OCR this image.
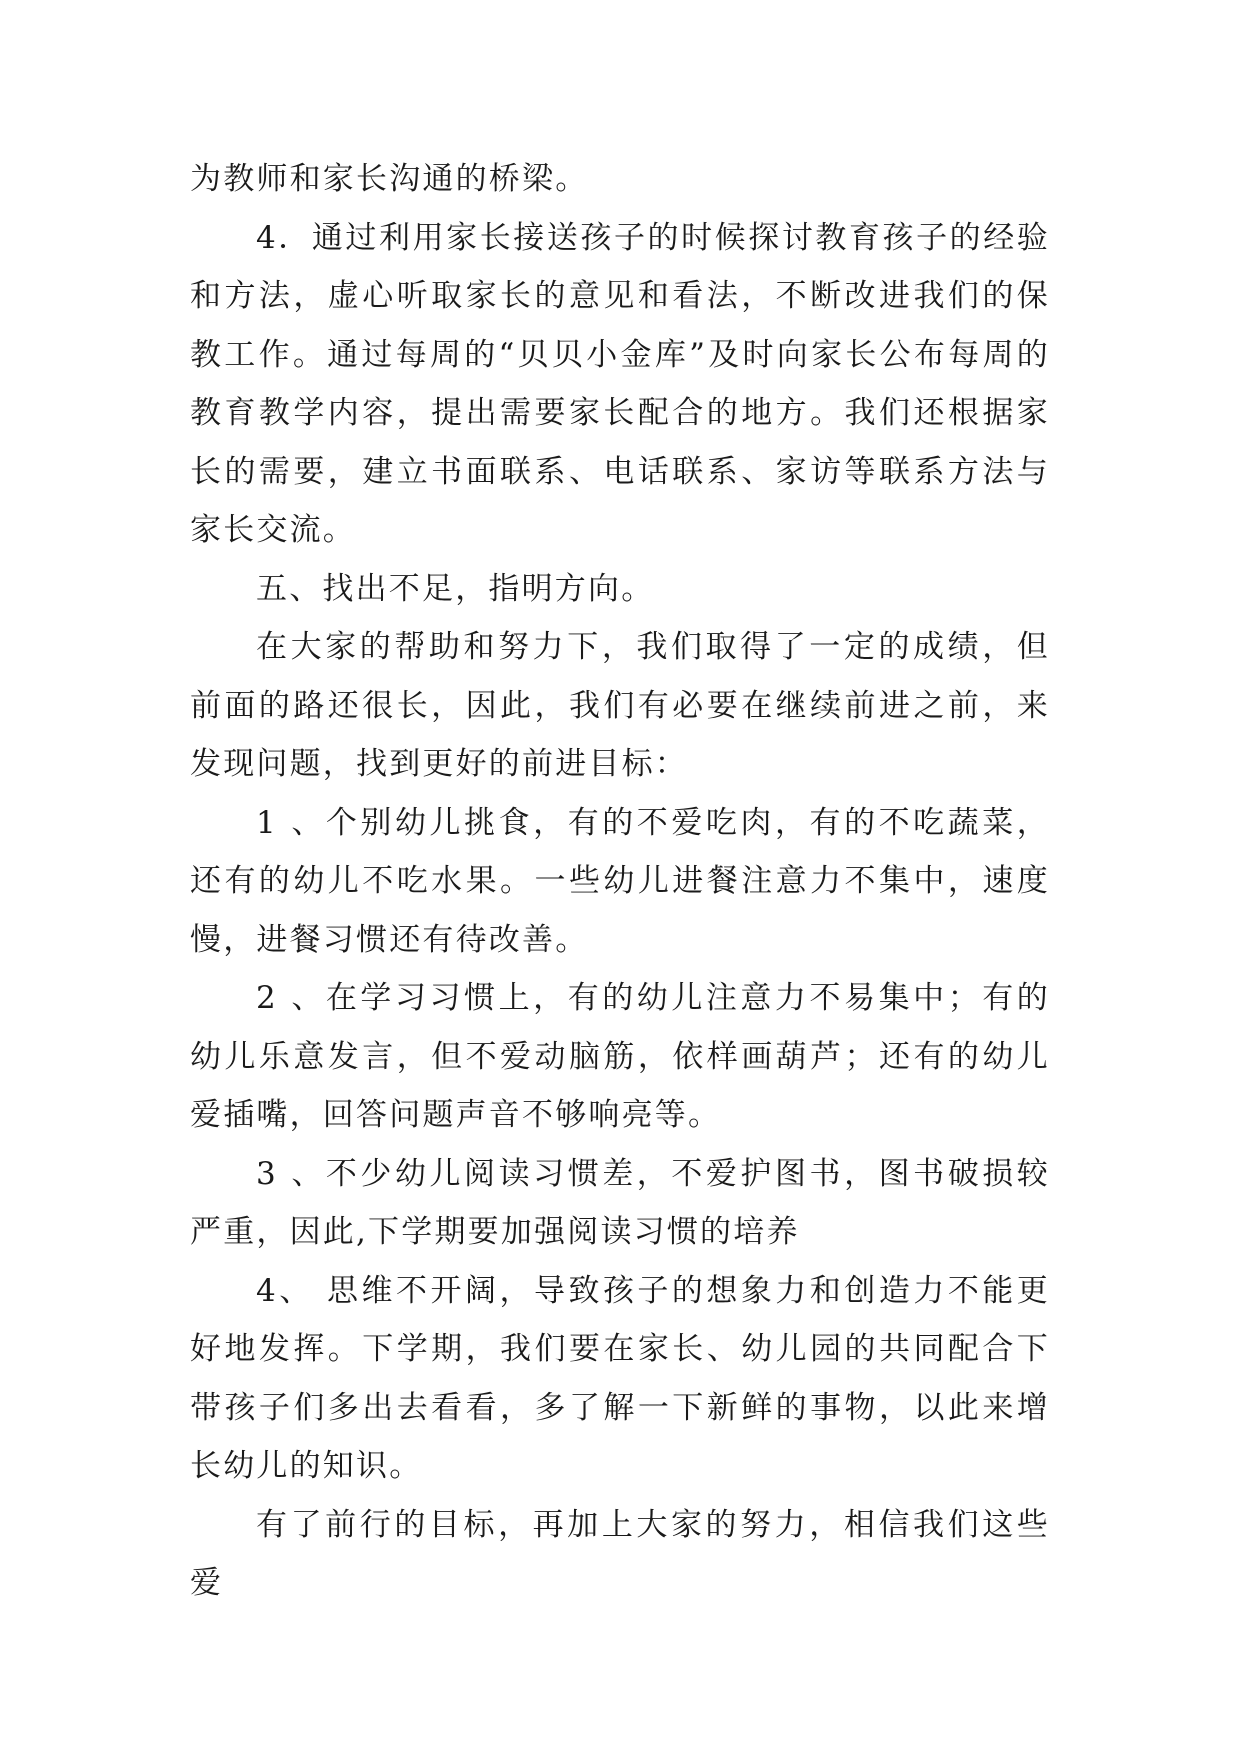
为教师和家长沟通的桥梁。

4．通过利用家长接送孩子的时候探讨教育孩子的经验和方法，虚心听取家长的意见和看法，不断改进我们的保教工作。通过每周的“贝贝小金库”及时向家长公布每周的教育教学内容，提出需要家长配合的地方。我们还根据家长的需要，建立书面联系、电话联系、家访等联系方法与家长交流。

五、找出不足，指明方向。

在大家的帮助和努力下，我们取得了一定的成绩，但前面的路还很长，因此，我们有必要在继续前进之前，来发现问题，找到更好的前进目标：

1 、个别幼儿挑食，有的不爱吃肉，有的不吃蔬菜，还有的幼儿不吃水果。一些幼儿进餐注意力不集中，速度慢，进餐习惯还有待改善。

2 、在学习习惯上，有的幼儿注意力不易集中；有的幼儿乐意发言，但不爱动脑筋，依样画葫芦；还有的幼儿爱插嘴，回答问题声音不够响亮等。

3 、不少幼儿阅读习惯差，不爱护图书，图书破损较严重，因此,下学期要加强阅读习惯的培养

4、 思维不开阔，导致孩子的想象力和创造力不能更好地发挥。下学期，我们要在家长、幼儿园的共同配合下带孩子们多出去看看，多了解一下新鲜的事物，以此来增长幼儿的知识。

有了前行的目标，再加上大家的努力，相信我们这些爱
